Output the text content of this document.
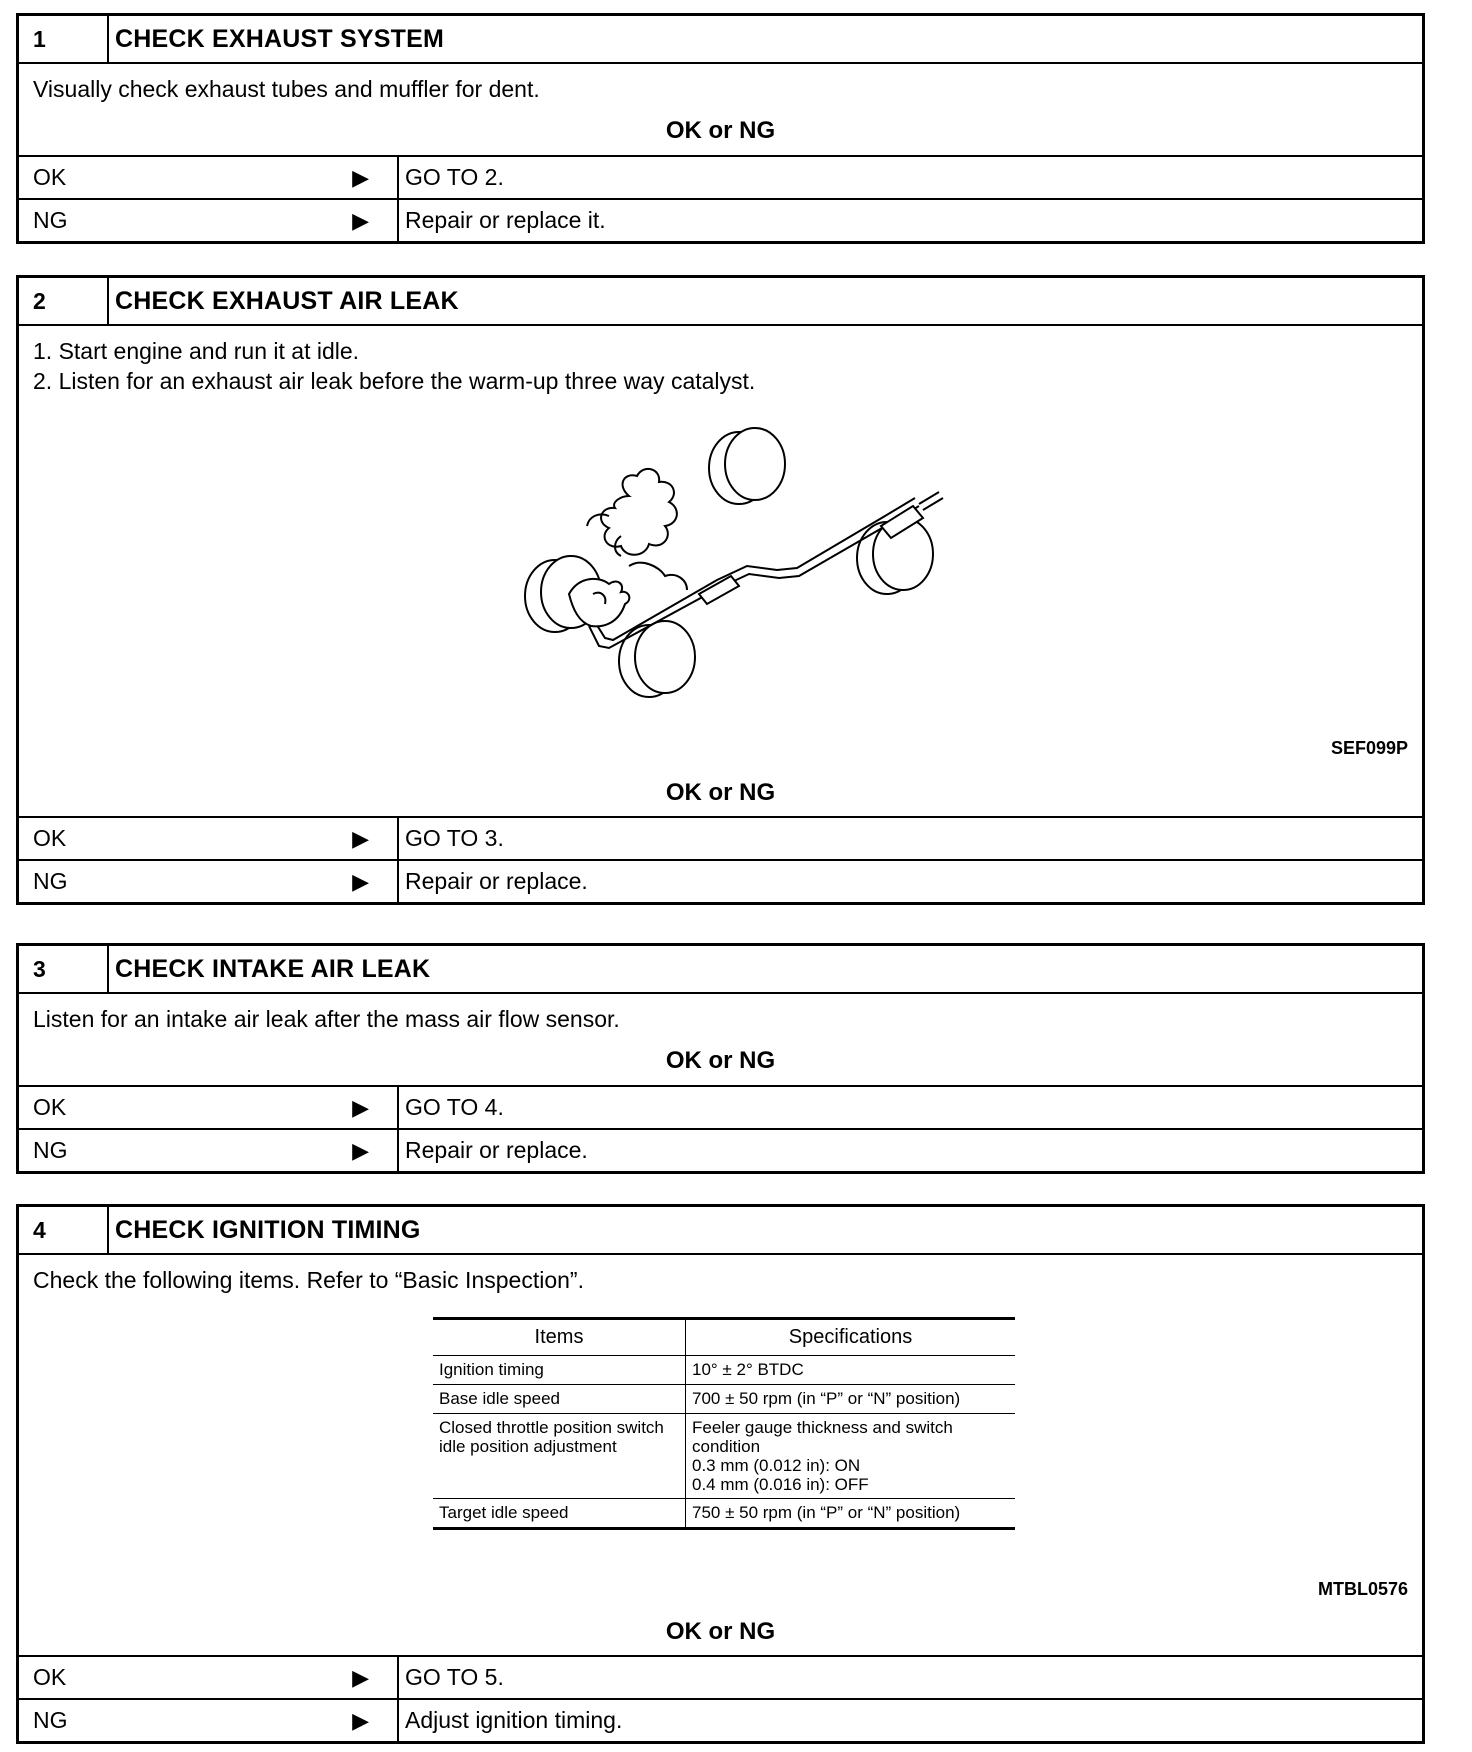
1	CHECK EXHAUST SYSTEM

Visually check exhaust tubes and muffler for dent.

OK or NG

OK	▶ GO TO 2.
NG	▶ Repair or replace it.
2	CHECK EXHAUST AIR LEAK

1. Start engine and run it at idle.

2. Listen for an exhaust air leak before the warm-up three way catalyst.

SEF099P

OK or NG

OK	▶ GO TO 3.
NG	▶ Repair or replace.
3	CHECK INTAKE AIR LEAK

Listen for an intake air leak after the mass air flow sensor.

OK or NG

OK	▶ GO TO 4.
NG	▶ Repair or replace.
4	CHECK IGNITION TIMING

Check the following items. Refer to “Basic Inspection”.

Items	Specifications
Ignition timing	10° ± 2° BTDC
Base idle speed	700 ± 50 rpm (in “P” or “N” position)
Closed throttle position switch idle position adjustment	Feeler gauge thickness and switch condition
0.3 mm (0.012 in): ON
0.4 mm (0.016 in): OFF
Target idle speed	750 ± 50 rpm (in “P” or “N” position)
MTBL0576

OK or NG

OK	▶ GO TO 5.
NG	▶ Adjust ignition timing.
